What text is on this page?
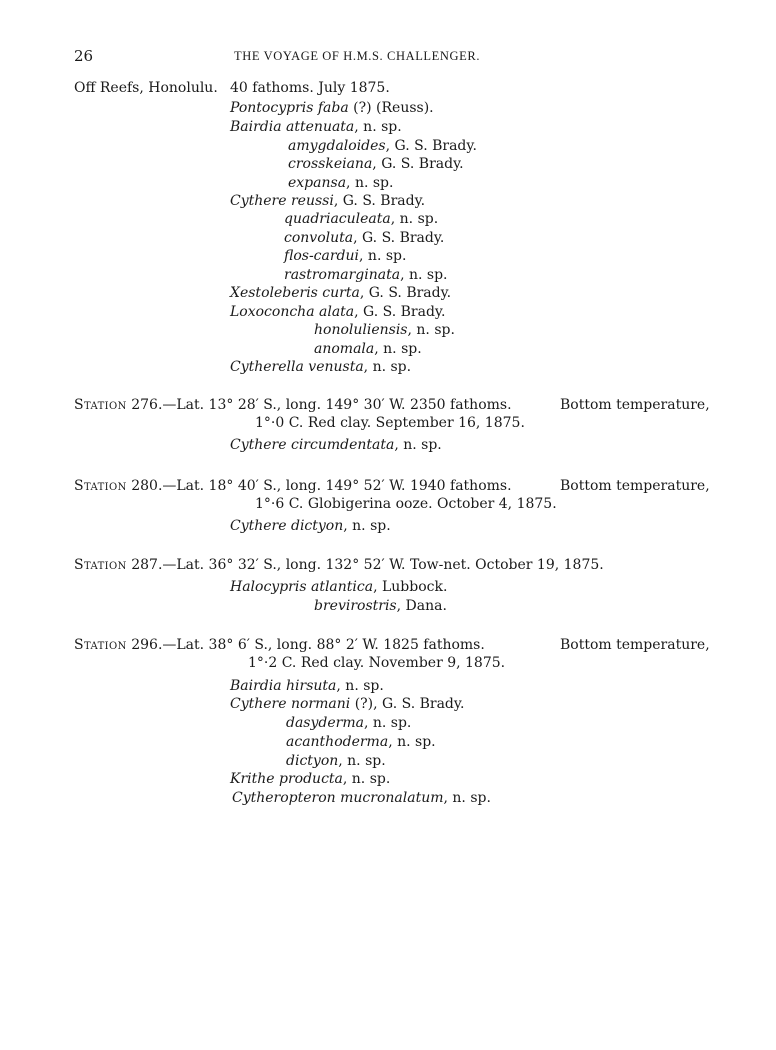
26	THE VOYAGE OF H.M.S. CHALLENGER.
Off Reefs, Honolulu. 40 fathoms. July 1875.
Pontocypris faba (?) (Reuss).
Bairdia attenuata, n. sp.
amygdaloides, G. S. Brady.
crosskeiana, G. S. Brady.
expansa, n. sp.
Cythere reussi, G. S. Brady.
quadriaculeata, n. sp.
convoluta, G. S. Brady.
flos-cardui, n. sp.
rastromarginata, n. sp.
Xestoleberis curta, G. S. Brady.
Loxoconcha alata, G. S. Brady.
honoluliensis, n. sp.
anomala, n. sp.
Cytherella venusta, n. sp.
Station 276.—Lat. 13° 28′ S., long. 149° 30′ W. 2350 fathoms.	Bottom temperature,
1°·0 C. Red clay. September 16, 1875.
Cythere circumdentata, n. sp.
Station 280.—Lat. 18° 40′ S., long. 149° 52′ W. 1940 fathoms.	Bottom temperature,
1°·6 C. Globigerina ooze. October 4, 1875.
Cythere dictyon, n. sp.
Station 287.—Lat. 36° 32′ S., long. 132° 52′ W. Tow-net. October 19, 1875.
Halocypris atlantica, Lubbock.
brevirostris, Dana.
Station 296.—Lat. 38° 6′ S., long. 88° 2′ W. 1825 fathoms.	Bottom temperature,
1°·2 C. Red clay. November 9, 1875.
Bairdia hirsuta, n. sp.
Cythere normani (?), G. S. Brady.
dasyderma, n. sp.
acanthoderma, n. sp.
dictyon, n. sp.
Krithe producta, n. sp.
Cytheropteron mucronalatum, n. sp.
